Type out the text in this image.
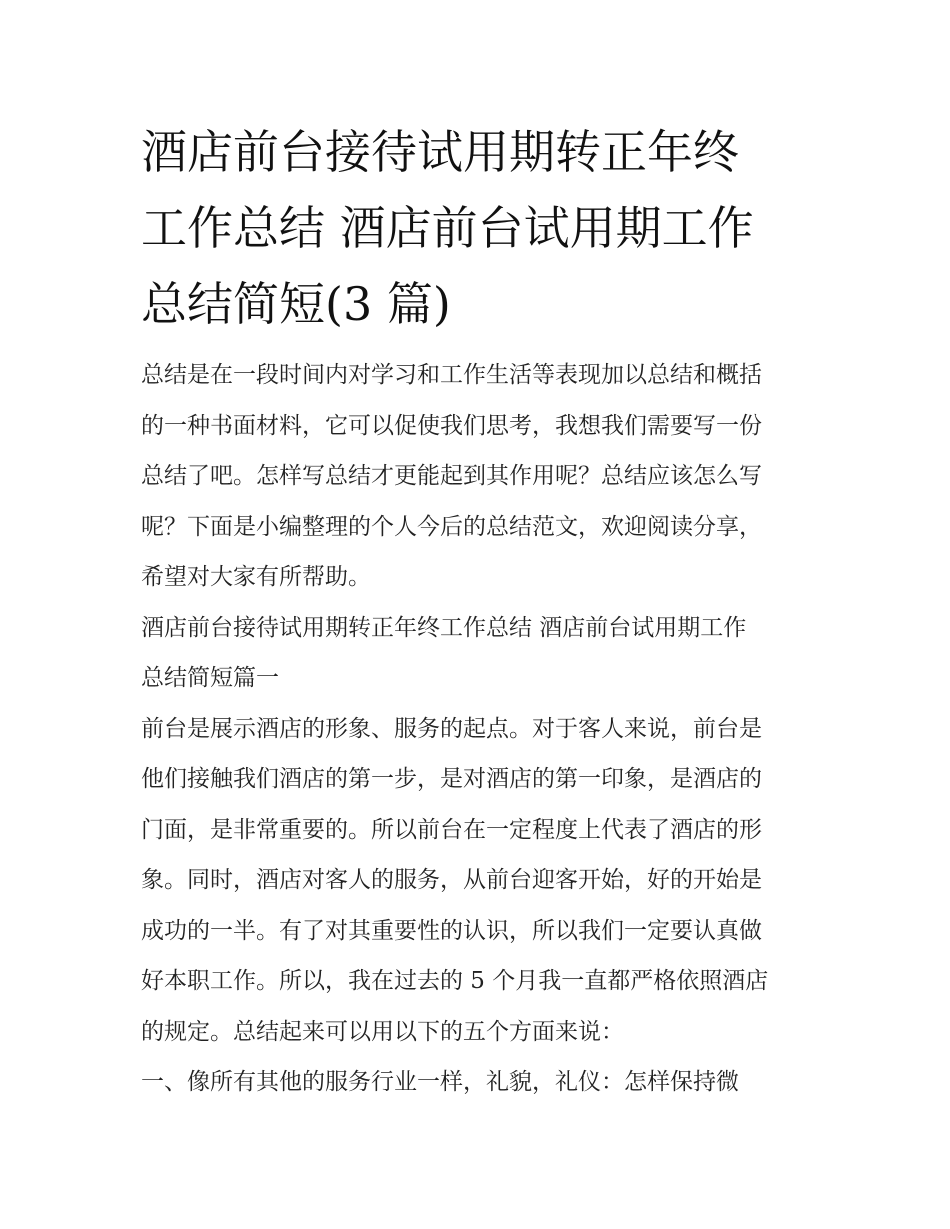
酒店前台接待试用期转正年终
工作总结 酒店前台试用期工作
总结简短(3 篇)

总结是在一段时间内对学习和工作生活等表现加以总结和概括
的一种书面材料，它可以促使我们思考，我想我们需要写一份
总结了吧。怎样写总结才更能起到其作用呢？总结应该怎么写
呢？下面是小编整理的个人今后的总结范文，欢迎阅读分享，
希望对大家有所帮助。

酒店前台接待试用期转正年终工作总结 酒店前台试用期工作
总结简短篇一

前台是展示酒店的形象、服务的起点。对于客人来说，前台是
他们接触我们酒店的第一步，是对酒店的第一印象，是酒店的
门面，是非常重要的。所以前台在一定程度上代表了酒店的形
象。同时，酒店对客人的服务，从前台迎客开始，好的开始是
成功的一半。有了对其重要性的认识，所以我们一定要认真做
好本职工作。所以，我在过去的 5 个月我一直都严格依照酒店
的规定。总结起来可以用以下的五个方面来说：

一、像所有其他的服务行业一样，礼貌，礼仪：怎样保持微
